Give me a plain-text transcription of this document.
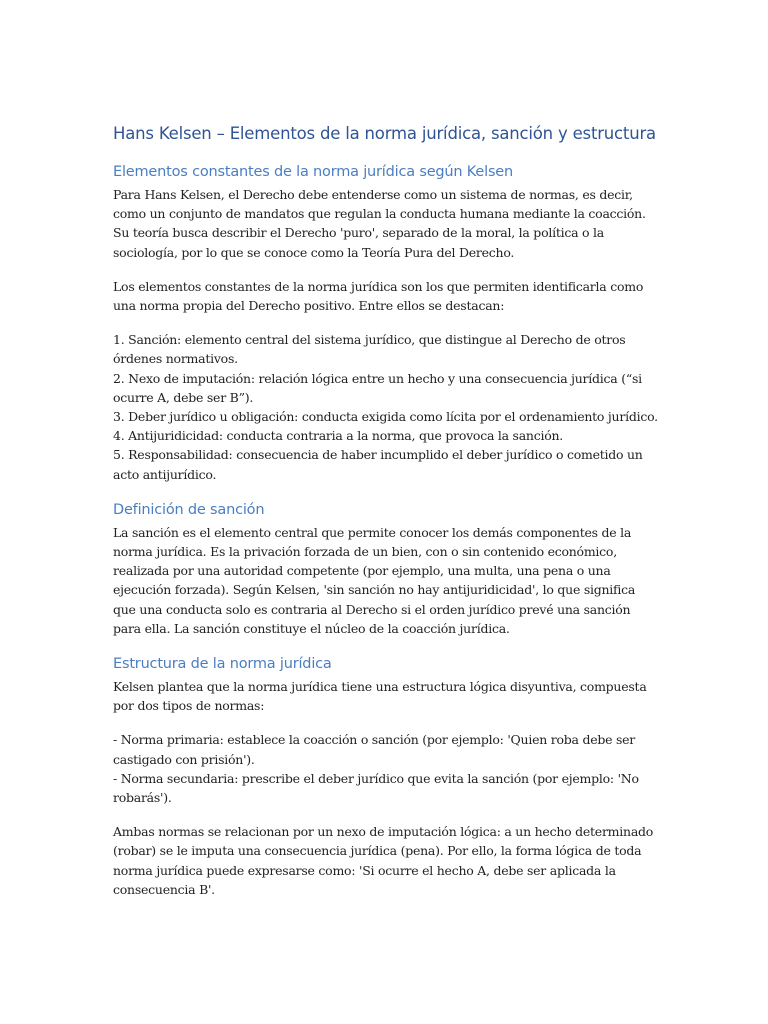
Hans Kelsen – Elementos de la norma jurídica, sanción y estructura
Elementos constantes de la norma jurídica según Kelsen

Para Hans Kelsen, el Derecho debe entenderse como un sistema de normas, es decir, como un conjunto de mandatos que regulan la conducta humana mediante la coacción. Su teoría busca describir el Derecho 'puro', separado de la moral, la política o la sociología, por lo que se conoce como la Teoría Pura del Derecho.

Los elementos constantes de la norma jurídica son los que permiten identificarla como una norma propia del Derecho positivo. Entre ellos se destacan:

1. Sanción: elemento central del sistema jurídico, que distingue al Derecho de otros órdenes normativos.
2. Nexo de imputación: relación lógica entre un hecho y una consecuencia jurídica (“si ocurre A, debe ser B”).
3. Deber jurídico u obligación: conducta exigida como lícita por el ordenamiento jurídico.
4. Antijuridicidad: conducta contraria a la norma, que provoca la sanción.
5. Responsabilidad: consecuencia de haber incumplido el deber jurídico o cometido un acto antijurídico.
Definición de sanción

La sanción es el elemento central que permite conocer los demás componentes de la norma jurídica. Es la privación forzada de un bien, con o sin contenido económico, realizada por una autoridad competente (por ejemplo, una multa, una pena o una ejecución forzada). Según Kelsen, 'sin sanción no hay antijuridicidad', lo que significa que una conducta solo es contraria al Derecho si el orden jurídico prevé una sanción para ella. La sanción constituye el núcleo de la coacción jurídica.

Estructura de la norma jurídica

Kelsen plantea que la norma jurídica tiene una estructura lógica disyuntiva, compuesta por dos tipos de normas:

- Norma primaria: establece la coacción o sanción (por ejemplo: 'Quien roba debe ser castigado con prisión').
- Norma secundaria: prescribe el deber jurídico que evita la sanción (por ejemplo: 'No robarás').

Ambas normas se relacionan por un nexo de imputación lógica: a un hecho determinado (robar) se le imputa una consecuencia jurídica (pena). Por ello, la forma lógica de toda norma jurídica puede expresarse como: 'Si ocurre el hecho A, debe ser aplicada la consecuencia B'.
